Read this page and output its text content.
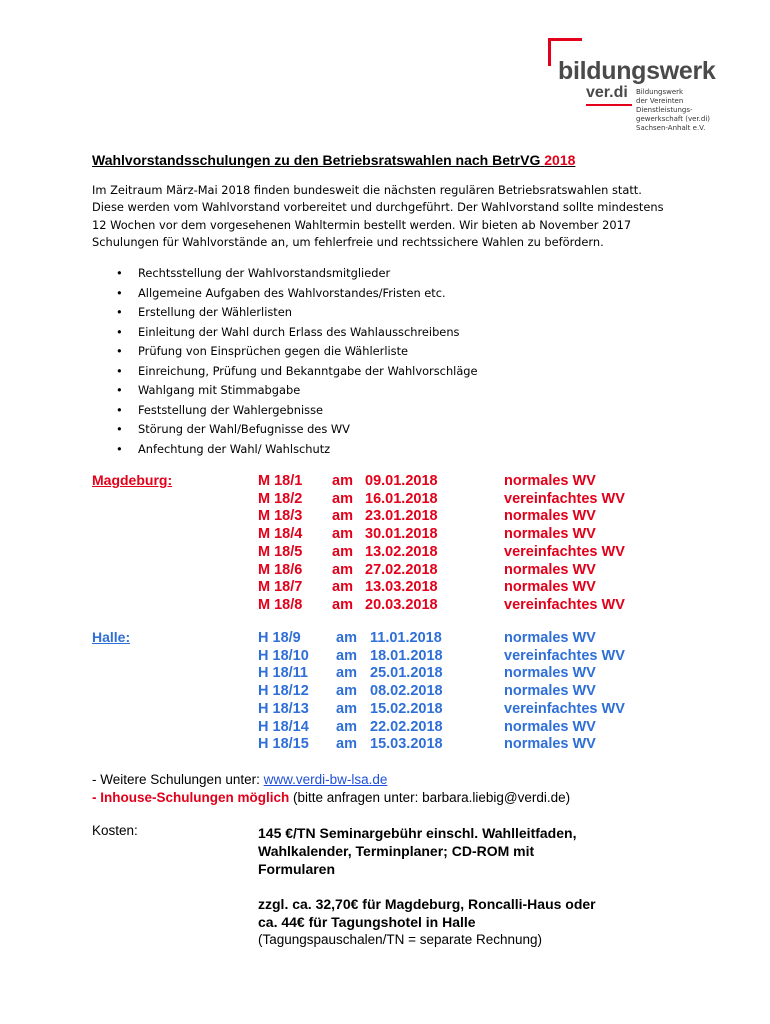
bildungswerk
ver.di Bildungswerk
der Vereinten
Dienstleistungs-
gewerkschaft (ver.di)
Sachsen-Anhalt e.V.
Wahlvorstandsschulungen zu den Betriebsratswahlen nach BetrVG 2018
Im Zeitraum März-Mai 2018 finden bundesweit die nächsten regulären Betriebsratswahlen statt.
Diese werden vom Wahlvorstand vorbereitet und durchgeführt. Der Wahlvorstand sollte mindestens
12 Wochen vor dem vorgesehenen Wahltermin bestellt werden. Wir bieten ab November 2017
Schulungen für Wahlvorstände an, um fehlerfreie und rechtssichere Wahlen zu befördern.
• Rechtsstellung der Wahlvorstandsmitglieder
• Allgemeine Aufgaben des Wahlvorstandes/Fristen etc.
• Erstellung der Wählerlisten
• Einleitung der Wahl durch Erlass des Wahlausschreibens
• Prüfung von Einsprüchen gegen die Wählerliste
• Einreichung, Prüfung und Bekanntgabe der Wahlvorschläge
• Wahlgang mit Stimmabgabe
• Feststellung der Wahlergebnisse
• Störung der Wahl/Befugnisse des WV
• Anfechtung der Wahl/ Wahlschutz
Magdeburg:	M 18/1 am 09.01.2018	normales WV
M 18/2 am 16.01.2018	vereinfachtes WV
M 18/3 am 23.01.2018	normales WV
M 18/4 am 30.01.2018	normales WV
M 18/5 am 13.02.2018	vereinfachtes WV
M 18/6 am 27.02.2018	normales WV
M 18/7 am 13.03.2018	normales WV
M 18/8 am 20.03.2018	vereinfachtes WV
Halle:	H 18/9 am 11.01.2018	normales WV
H 18/10 am 18.01.2018	vereinfachtes WV
H 18/11 am 25.01.2018	normales WV
H 18/12 am 08.02.2018	normales WV
H 18/13 am 15.02.2018	vereinfachtes WV
H 18/14 am 22.02.2018	normales WV
H 18/15 am 15.03.2018	normales WV
- Weitere Schulungen unter: www.verdi-bw-lsa.de
- Inhouse-Schulungen möglich (bitte anfragen unter: barbara.liebig@verdi.de)
Kosten:	145 €/TN Seminargebühr einschl. Wahlleitfaden,
Wahlkalender, Terminplaner; CD-ROM mit
Formularen
zzgl. ca. 32,70€ für Magdeburg, Roncalli-Haus oder
ca. 44€ für Tagungshotel in Halle
(Tagungspauschalen/TN = separate Rechnung)
